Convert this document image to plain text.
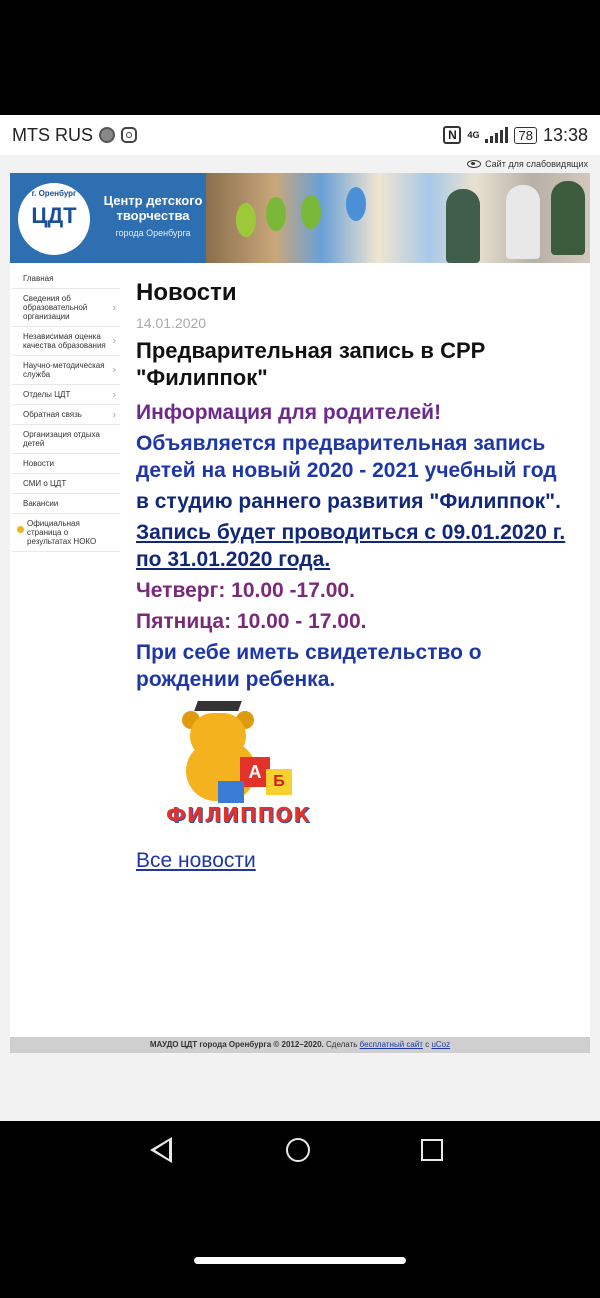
MTS RUS	N	4G	78 13:38
Сайт для слабовидящих
г. Оренбург
ЦДТ
Центр детского творчества
города Оренбурга
Главная
Сведения об образовательной организации
›
Независимая оценка качества образования ›
Научно-методическая служба	›
Отделы ЦДТ	›
Обратная связь	›
Организация отдыха детей
Новости
СМИ о ЦДТ
Вакансии
Официальная страница о результатах НОКО
Новости
14.01.2020
Предварительная запись в СРР "Филиппок"
Информация для родителей!
Объявляется предварительная запись детей на новый 2020 - 2021 учебный год
в студию раннего развития "Филиппок".
Запись будет проводиться с 09.01.2020 г. по 31.01.2020 года.
Четверг: 10.00 -17.00.
Пятница: 10.00 - 17.00.
При себе иметь свидетельство о рождении ребенка.
А Б
ФИЛИППОК
Все новости
МАУДО ЦДТ города Оренбурга © 2012–2020. Сделать бесплатный сайт с uCoz
